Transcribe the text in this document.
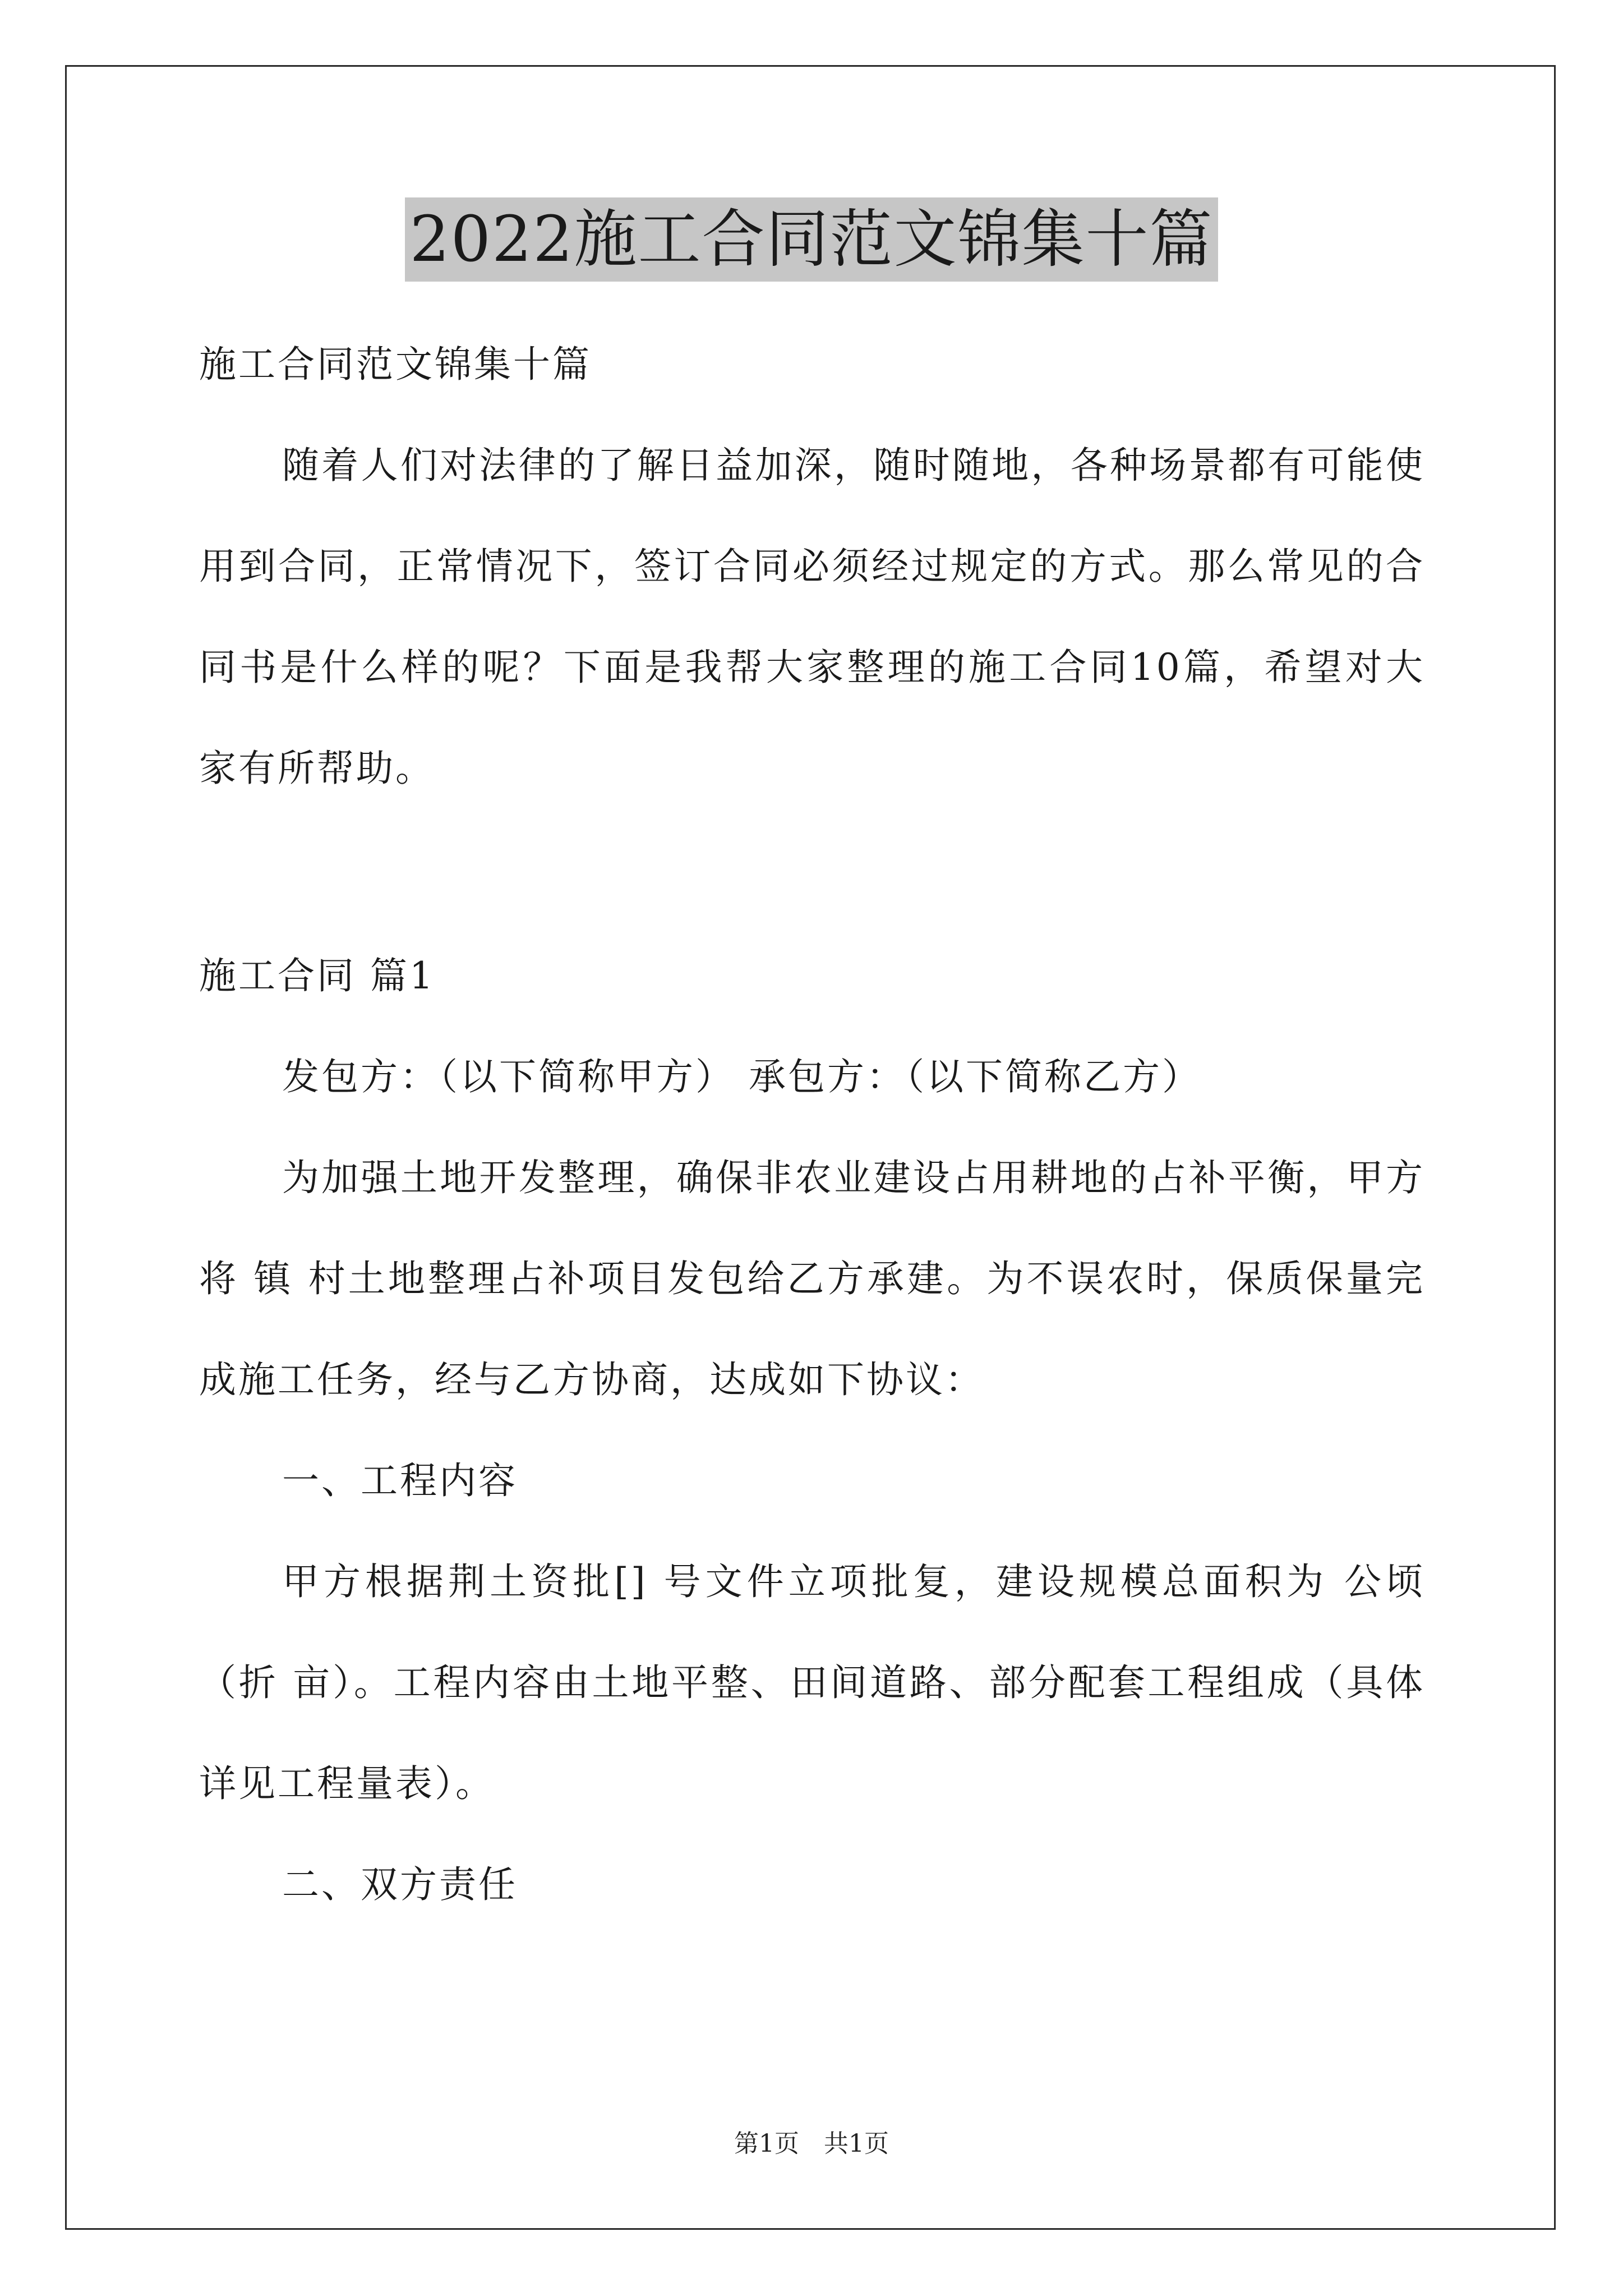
2022施工合同范文锦集十篇

施工合同范文锦集十篇

随着人们对法律的了解日益加深，随时随地，各种场景都有可能使用到合同，正常情况下，签订合同必须经过规定的方式。那么常见的合同书是什么样的呢？下面是我帮大家整理的施工合同10篇，希望对大家有所帮助。

施工合同 篇1

发包方：（以下简称甲方） 承包方：（以下简称乙方）

为加强土地开发整理，确保非农业建设占用耕地的占补平衡，甲方将 镇 村土地整理占补项目发包给乙方承建。为不误农时，保质保量完成施工任务，经与乙方协商，达成如下协议：

一、工程内容

甲方根据荆土资批[] 号文件立项批复，建设规模总面积为 公顷（折 亩）。工程内容由土地平整、田间道路、部分配套工程组成（具体详见工程量表）。

二、双方责任

第1页 共1页
